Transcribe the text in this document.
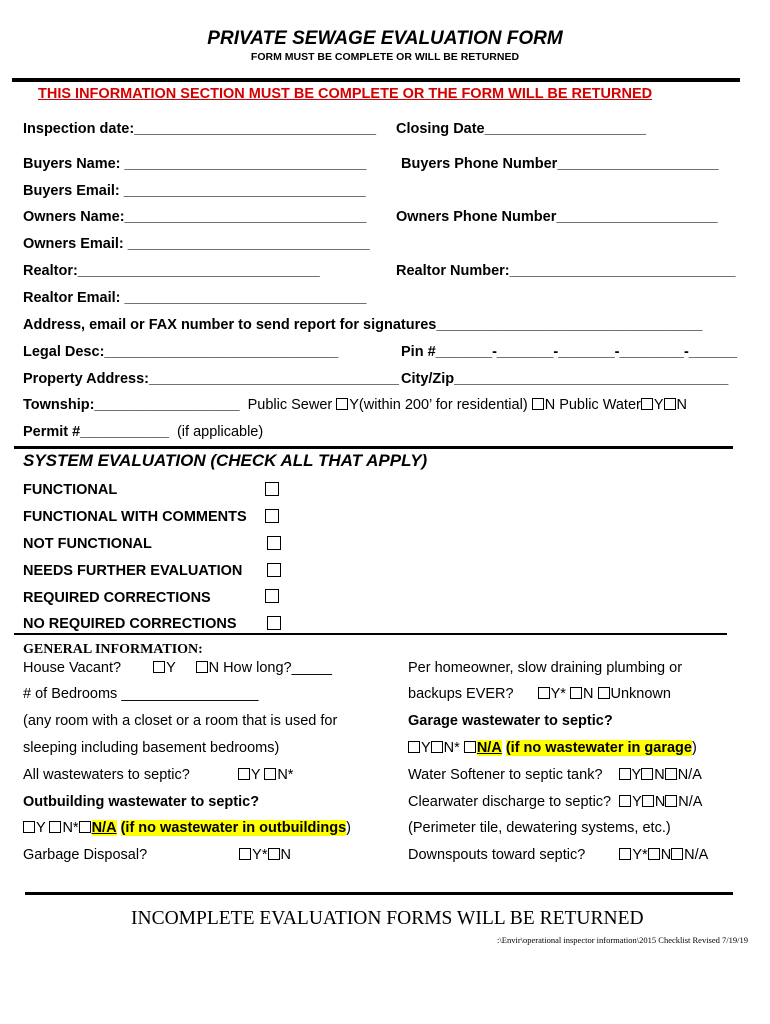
PRIVATE SEWAGE EVALUATION FORM
FORM MUST BE COMPLETE OR WILL BE RETURNED
THIS INFORMATION SECTION MUST BE COMPLETE OR THE FORM WILL BE RETURNED
Inspection date:______________________________ Closing Date____________________
Buyers Name: ______________________________ Buyers Phone Number____________________
Buyers Email: ______________________________
Owners Name:______________________________ Owners Phone Number____________________
Owners Email: ______________________________
Realtor:______________________________	Realtor Number:____________________________
Realtor Email: ______________________________
Address, email or FAX number to send report for signatures_________________________________
Legal Desc:_____________________________	Pin #_______-_______-_______-________-______
Property Address:_______________________________ City/Zip__________________________________
Township:__________________ Public Sewer Y(within 200’ for residential) N Public Water Y N
Permit #___________ (if applicable)
SYSTEM EVALUATION (CHECK ALL THAT APPLY)
FUNCTIONAL
FUNCTIONAL WITH COMMENTS
NOT FUNCTIONAL
NEEDS FURTHER EVALUATION
REQUIRED CORRECTIONS
NO REQUIRED CORRECTIONS
GENERAL INFORMATION:
House Vacant?	Y N How long?_____
# of Bedrooms _________________
(any room with a closet or a room that is used for
sleeping including basement bedrooms)
All wastewaters to septic?	Y N*
Outbuilding wastewater to septic?
Y N* N/A (if no wastewater in outbuildings)
Garbage Disposal?	Y* N
Per homeowner, slow draining plumbing or
backups EVER?	Y* N Unknown
Garage wastewater to septic?
Y N* N/A (if no wastewater in garage)
Water Softener to septic tank? Y N N/A
Clearwater discharge to septic? Y N N/A
(Perimeter tile, dewatering systems, etc.)
Downspouts toward septic?	Y* N N/A
INCOMPLETE EVALUATION FORMS WILL BE RETURNED
:\Envir\operational inspector information\2015 Checklist Revised 7/19/19
